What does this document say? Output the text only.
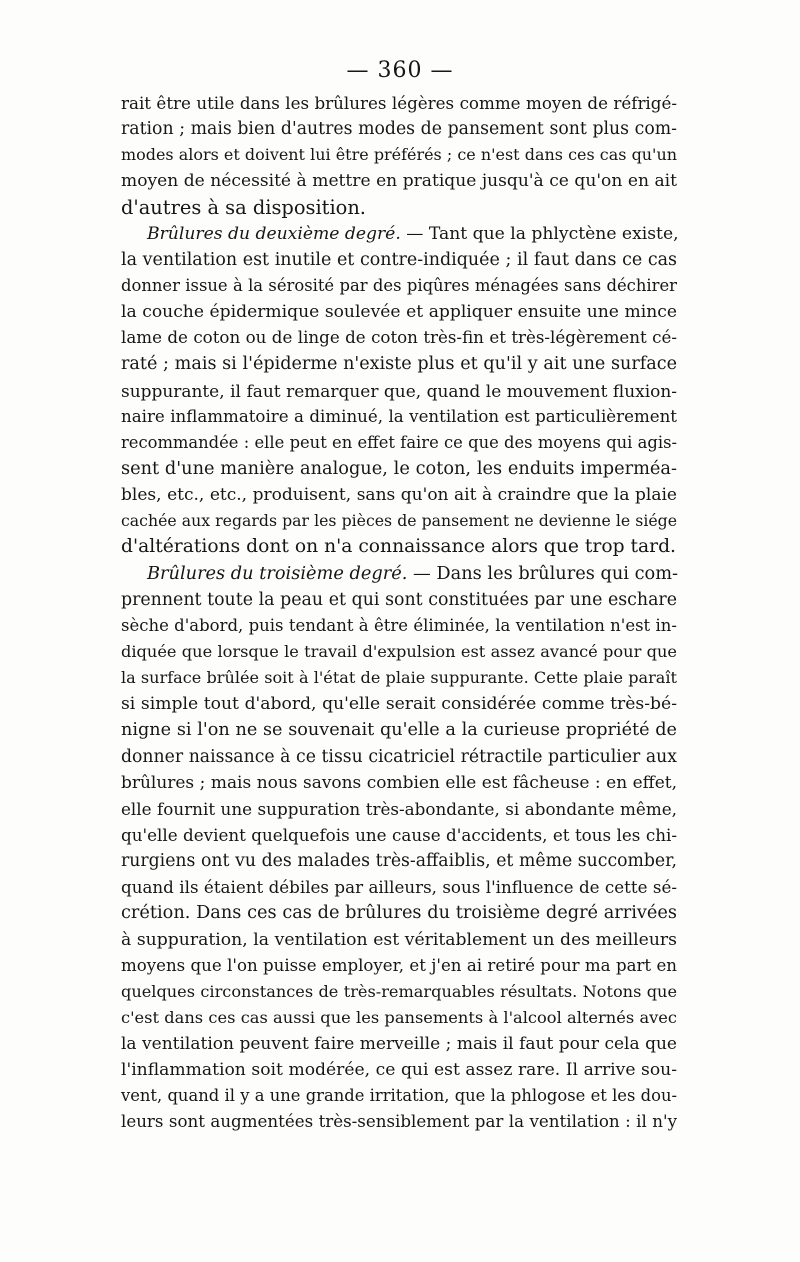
— 360 —
rait être utile dans les brûlures légères comme moyen de réfrigé-
ration ; mais bien d'autres modes de pansement sont plus com-
modes alors et doivent lui être préférés ; ce n'est dans ces cas qu'un
moyen de nécessité à mettre en pratique jusqu'à ce qu'on en ait
d'autres à sa disposition.
Brûlures du deuxième degré. — Tant que la phlyctène existe,
la ventilation est inutile et contre-indiquée ; il faut dans ce cas
donner issue à la sérosité par des piqûres ménagées sans déchirer
la couche épidermique soulevée et appliquer ensuite une mince
lame de coton ou de linge de coton très-fin et très-légèrement cé-
raté ; mais si l'épiderme n'existe plus et qu'il y ait une surface
suppurante, il faut remarquer que, quand le mouvement fluxion-
naire inflammatoire a diminué, la ventilation est particulièrement
recommandée : elle peut en effet faire ce que des moyens qui agis-
sent d'une manière analogue, le coton, les enduits imperméa-
bles, etc., etc., produisent, sans qu'on ait à craindre que la plaie
cachée aux regards par les pièces de pansement ne devienne le siége
d'altérations dont on n'a connaissance alors que trop tard.
Brûlures du troisième degré. — Dans les brûlures qui com-
prennent toute la peau et qui sont constituées par une eschare
sèche d'abord, puis tendant à être éliminée, la ventilation n'est in-
diquée que lorsque le travail d'expulsion est assez avancé pour que
la surface brûlée soit à l'état de plaie suppurante. Cette plaie paraît
si simple tout d'abord, qu'elle serait considérée comme très-bé-
nigne si l'on ne se souvenait qu'elle a la curieuse propriété de
donner naissance à ce tissu cicatriciel rétractile particulier aux
brûlures ; mais nous savons combien elle est fâcheuse : en effet,
elle fournit une suppuration très-abondante, si abondante même,
qu'elle devient quelquefois une cause d'accidents, et tous les chi-
rurgiens ont vu des malades très-affaiblis, et même succomber,
quand ils étaient débiles par ailleurs, sous l'influence de cette sé-
crétion. Dans ces cas de brûlures du troisième degré arrivées
à suppuration, la ventilation est véritablement un des meilleurs
moyens que l'on puisse employer, et j'en ai retiré pour ma part en
quelques circonstances de très-remarquables résultats. Notons que
c'est dans ces cas aussi que les pansements à l'alcool alternés avec
la ventilation peuvent faire merveille ; mais il faut pour cela que
l'inflammation soit modérée, ce qui est assez rare. Il arrive sou-
vent, quand il y a une grande irritation, que la phlogose et les dou-
leurs sont augmentées très-sensiblement par la ventilation : il n'y
